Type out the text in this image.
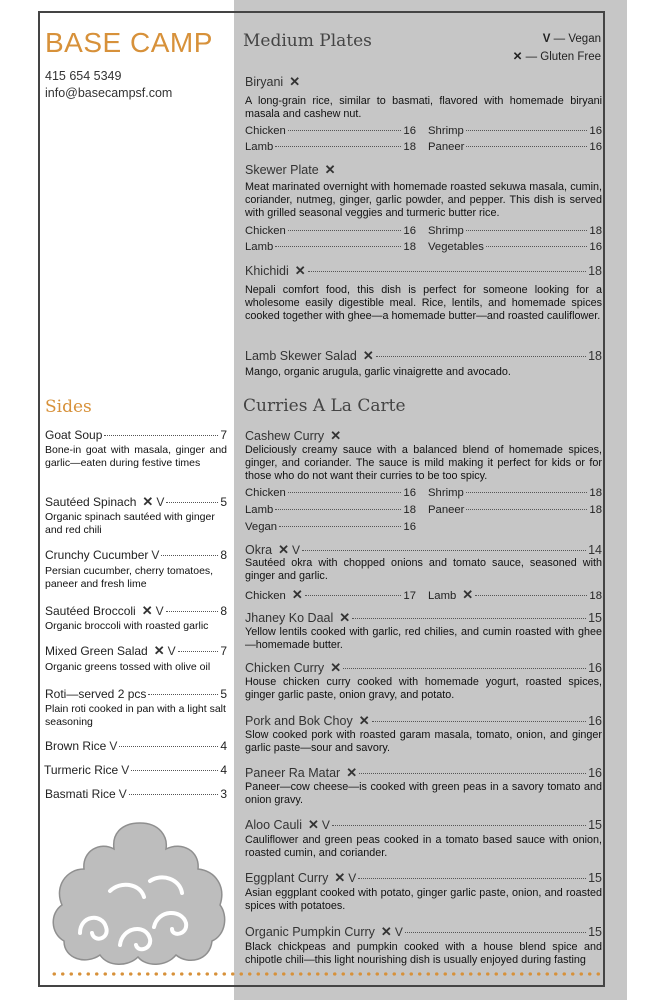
BASE CAMP
415 654 5349
info@basecampsf.com
V — Vegan
✕ — Gluten Free
Medium Plates
Biryani ✕
A long-grain rice, similar to basmati, flavored with homemade biryani masala and cashew nut.
Chicken	16 Shrimp	16
Lamb	18 Paneer	16
Skewer Plate ✕
Meat marinated overnight with homemade roasted sekuwa masala, cumin, coriander, nutmeg, ginger, garlic powder, and pepper. This dish is served with grilled seasonal veggies and turmeric butter rice.
Chicken	16 Shrimp	18
Lamb	18 Vegetables	16
Khichidi ✕	18
Nepali comfort food, this dish is perfect for someone looking for a wholesome easily digestible meal. Rice, lentils, and homemade spices cooked together with ghee—a homemade butter—and roasted cauliflower.
Lamb Skewer Salad ✕	18
Mango, organic arugula, garlic vinaigrette and avocado.
Curries A La Carte
Cashew Curry ✕
Deliciously creamy sauce with a balanced blend of homemade spices, ginger, and coriander. The sauce is mild making it perfect for kids or for those who do not want their curries to be too spicy.
Chicken	16 Shrimp	18
Lamb	18 Paneer	18
Vegan	16
Okra ✕ V	14
Sautéed okra with chopped onions and tomato sauce, seasoned with ginger and garlic.
Chicken ✕	17 Lamb ✕	18
Jhaney Ko Daal ✕	15
Yellow lentils cooked with garlic, red chilies, and cumin roasted with ghee—homemade butter.
Chicken Curry ✕	16
House chicken curry cooked with homemade yogurt, roasted spices, ginger garlic paste, onion gravy, and potato.
Pork and Bok Choy ✕	16
Slow cooked pork with roasted garam masala, tomato, onion, and ginger garlic paste—sour and savory.
Paneer Ra Matar ✕	16
Paneer—cow cheese—is cooked with green peas in a savory tomato and onion gravy.
Aloo Cauli ✕ V	15
Cauliflower and green peas cooked in a tomato based sauce with onion, roasted cumin, and coriander.
Eggplant Curry ✕ V	15
Asian eggplant cooked with potato, ginger garlic paste, onion, and roasted spices with potatoes.
Organic Pumpkin Curry ✕ V	15
Black chickpeas and pumpkin cooked with a house blend spice and chipotle chili—this light nourishing dish is usually enjoyed during fasting
Sides
Goat Soup	7
Bone-in goat with masala, ginger and garlic—eaten during festive times
Sautéed Spinach ✕ V	5
Organic spinach sautéed with ginger and red chili
Crunchy Cucumber V	8
Persian cucumber, cherry tomatoes, paneer and fresh lime
Sautéed Broccoli ✕ V	8
Organic broccoli with roasted garlic
Mixed Green Salad ✕ V	7
Organic greens tossed with olive oil
Roti—served 2 pcs	5
Plain roti cooked in pan with a light salt seasoning
Brown Rice V	4
Turmeric Rice V	4
Basmati Rice V	3
